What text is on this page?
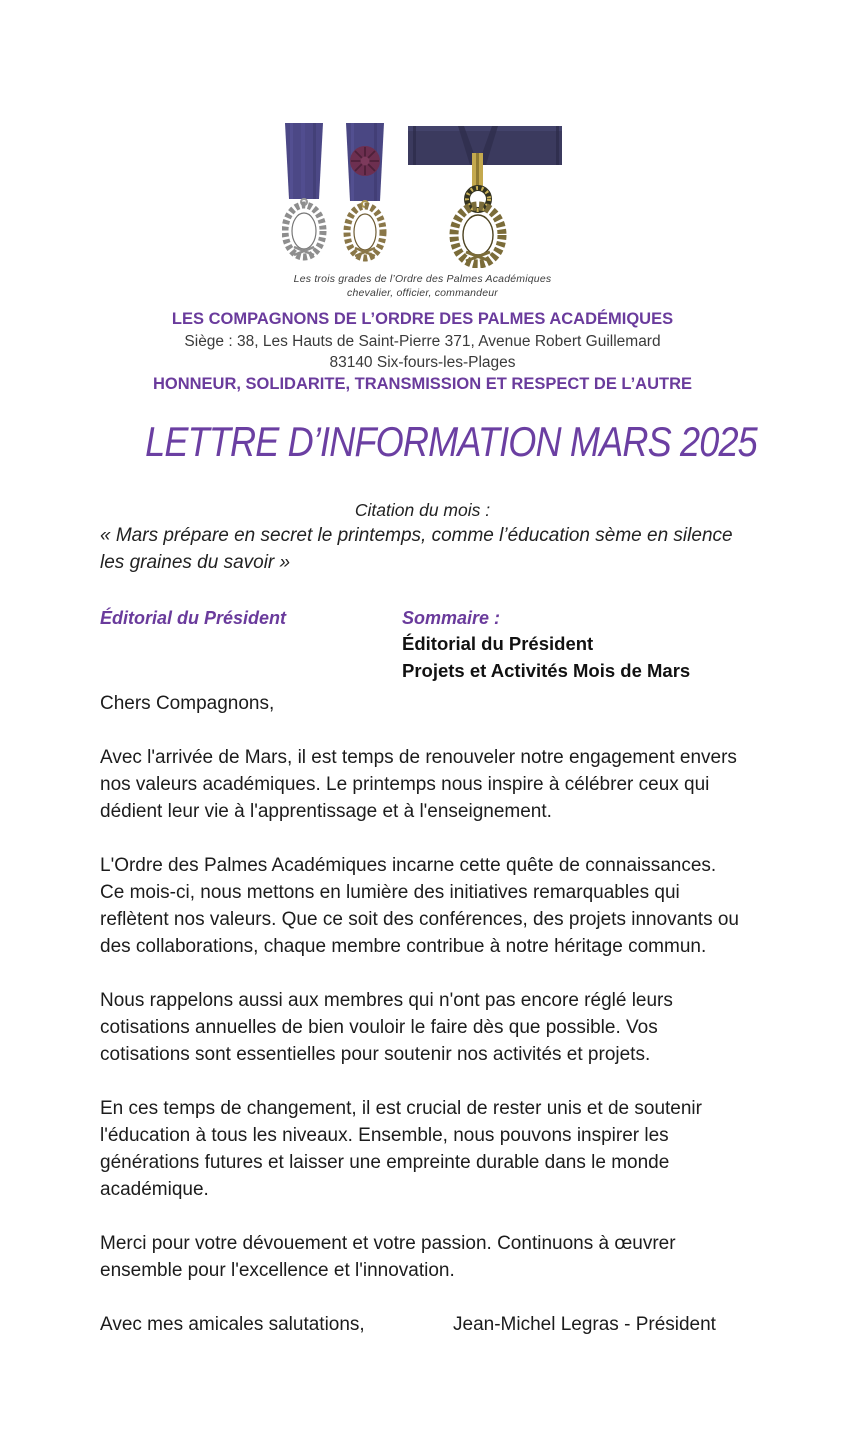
Les trois grades de l’Ordre des Palmes Académiques
chevalier, officier, commandeur
LES COMPAGNONS DE L’ORDRE DES PALMES ACADÉMIQUES
Siège : 38, Les Hauts de Saint-Pierre 371, Avenue Robert Guillemard
83140 Six-fours-les-Plages
HONNEUR, SOLIDARITE, TRANSMISSION ET RESPECT DE L’AUTRE
LETTRE D’INFORMATION MARS 2025
Citation du mois :
« Mars prépare en secret le printemps, comme l’éducation sème en silence les graines du savoir »
Éditorial du Président	Sommaire :
Éditorial du Président
Projets et Activités Mois de Mars
Chers Compagnons,
Avec l'arrivée de Mars, il est temps de renouveler notre engagement envers nos valeurs académiques. Le printemps nous inspire à célébrer ceux qui dédient leur vie à l'apprentissage et à l'enseignement.
L'Ordre des Palmes Académiques incarne cette quête de connaissances. Ce mois-ci, nous mettons en lumière des initiatives remarquables qui reflètent nos valeurs. Que ce soit des conférences, des projets innovants ou des collaborations, chaque membre contribue à notre héritage commun.
Nous rappelons aussi aux membres qui n'ont pas encore réglé leurs cotisations annuelles de bien vouloir le faire dès que possible. Vos cotisations sont essentielles pour soutenir nos activités et projets.
En ces temps de changement, il est crucial de rester unis et de soutenir l'éducation à tous les niveaux. Ensemble, nous pouvons inspirer les générations futures et laisser une empreinte durable dans le monde académique.
Merci pour votre dévouement et votre passion. Continuons à œuvrer ensemble pour l'excellence et l'innovation.
Avec mes amicales salutations,	Jean-Michel Legras - Président
